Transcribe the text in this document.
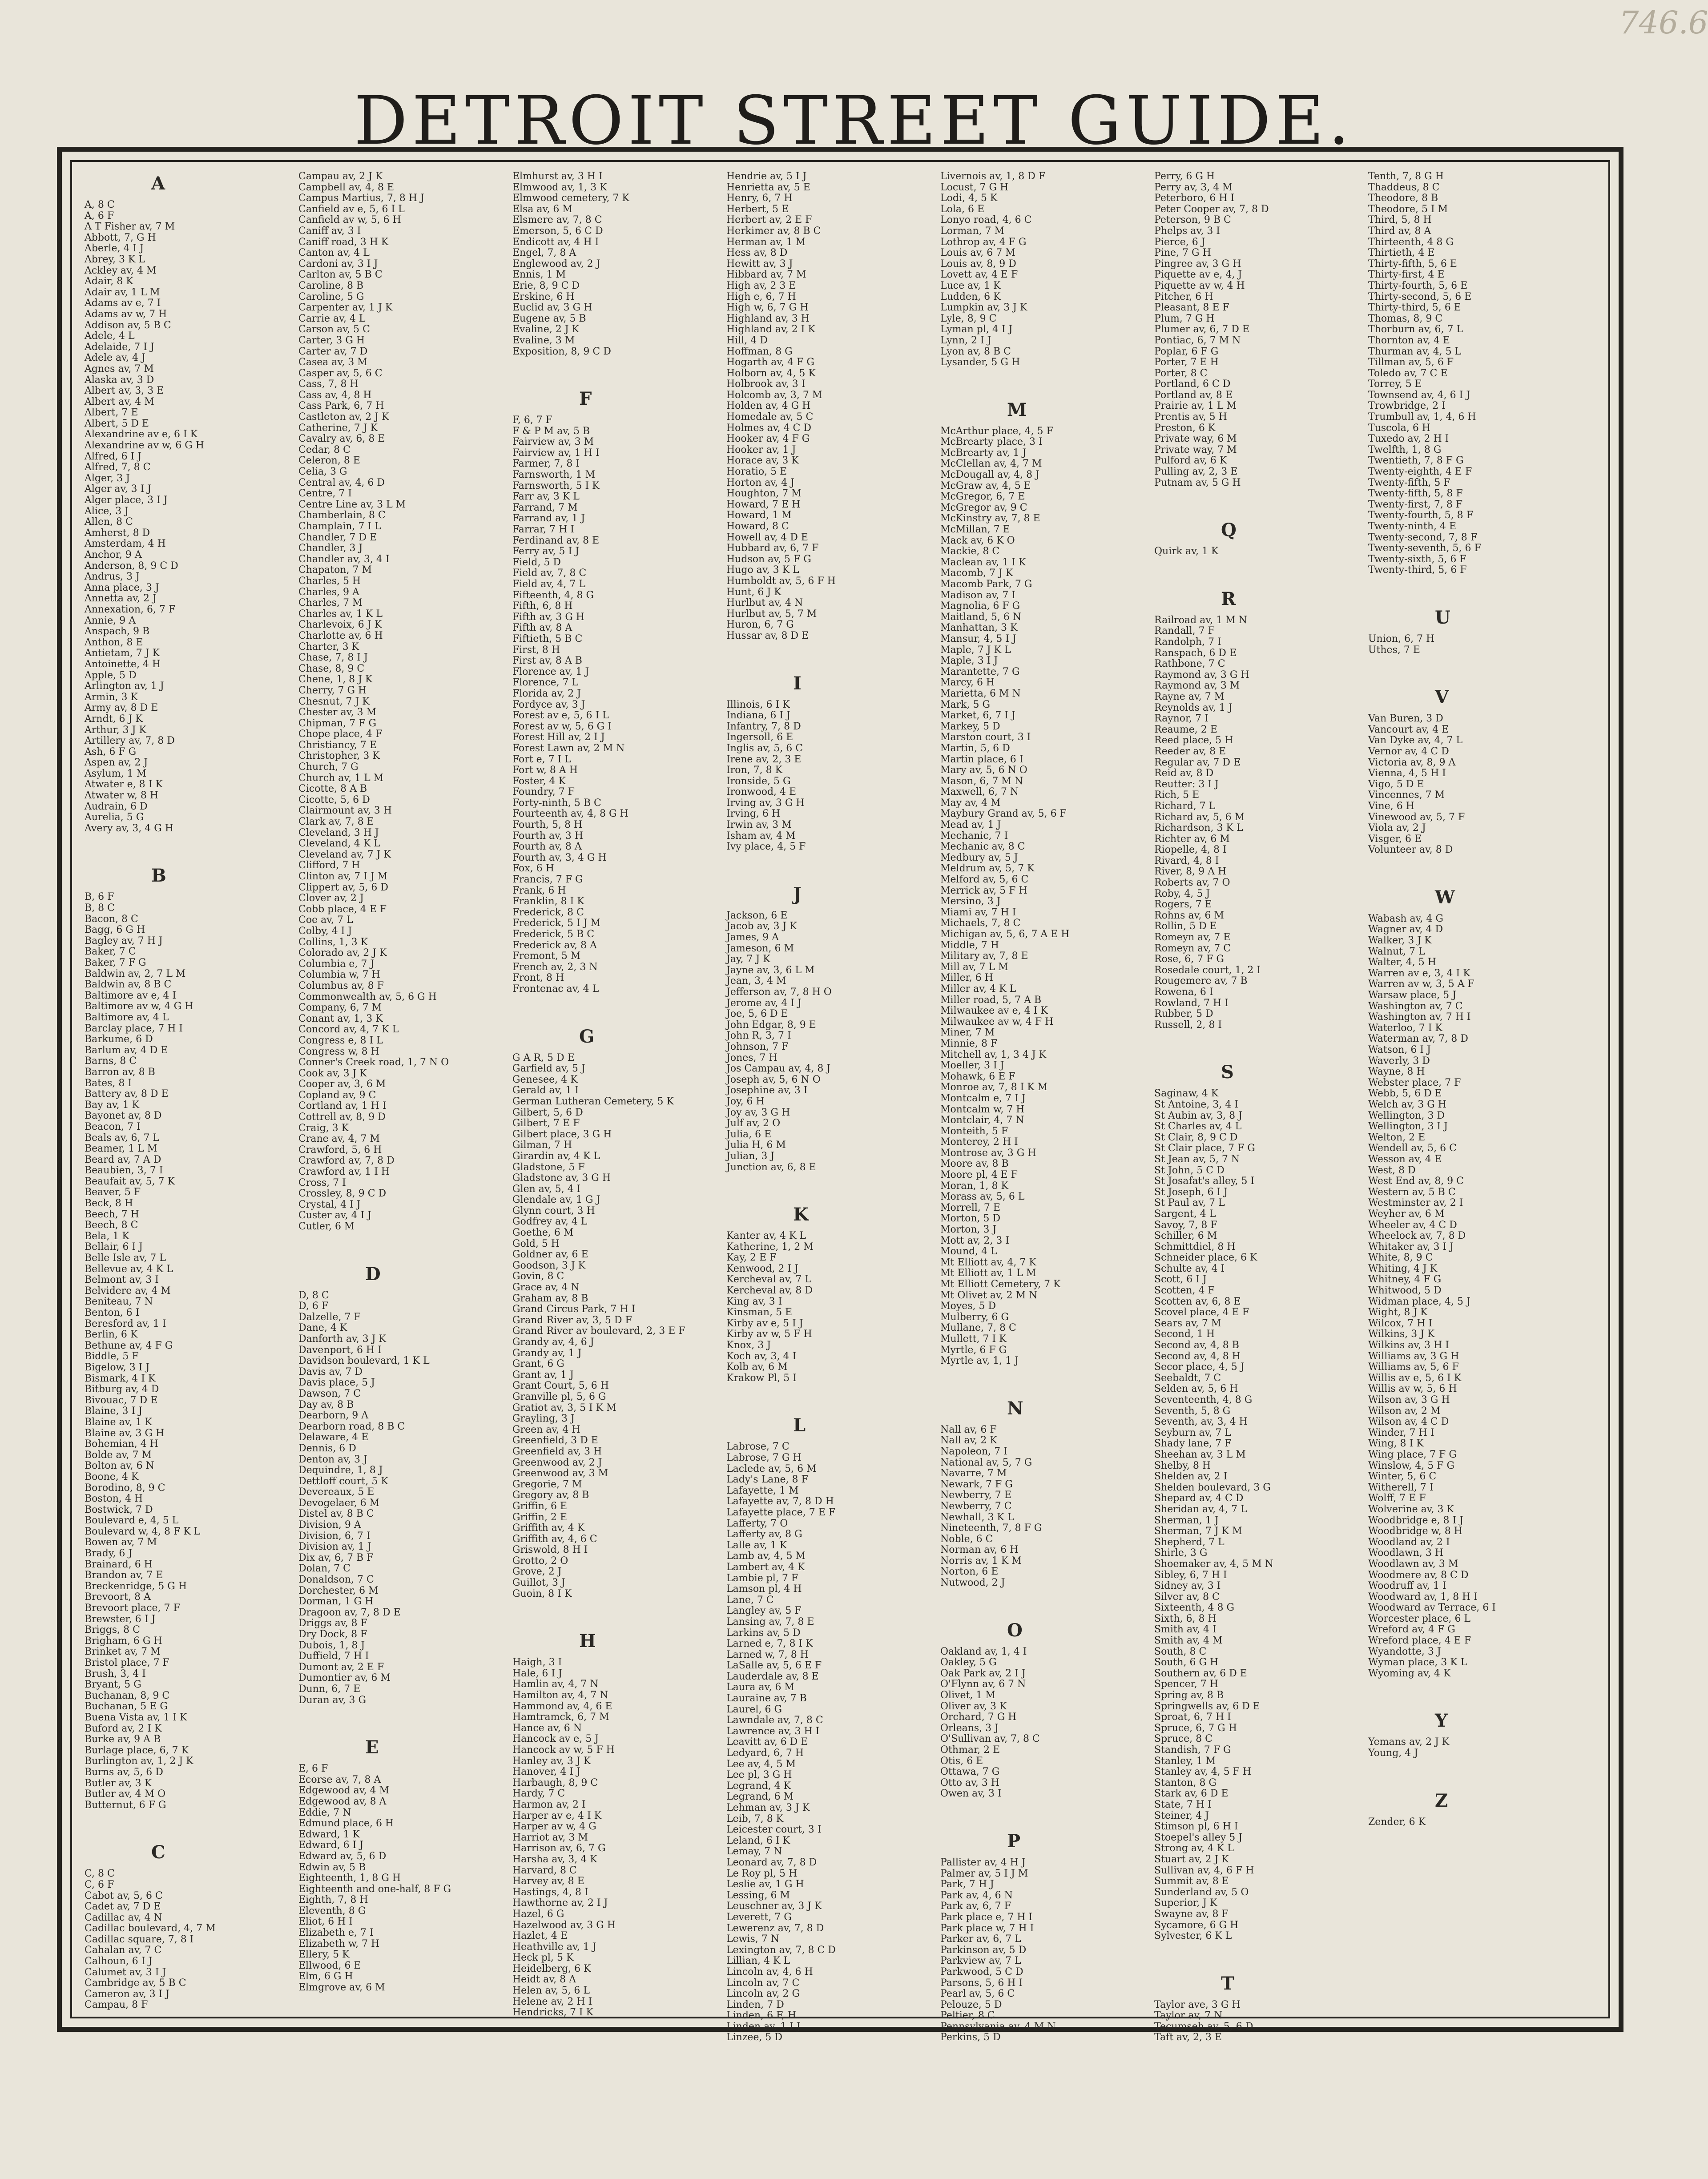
746.6

DETROIT STREET GUIDE.
A
A, 8 C
A, 6 F
A T Fisher av, 7 M
Abbott, 7, G H
Aberle, 4 I J
Abrey, 3 K L
Ackley av, 4 M
Adair, 8 K
Adair av, 1 L M
Adams av e, 7 I
Adams av w, 7 H
Addison av, 5 B C
Adele, 4 L
Adelaide, 7 I J
Adele av, 4 J
Agnes av, 7 M
Alaska av, 3 D
Albert av, 3, 3 E
Albert av, 4 M
Albert, 7 E
Albert, 5 D E
Alexandrine av e, 6 I K
Alexandrine av w, 6 G H
Alfred, 6 I J
Alfred, 7, 8 C
Alger, 3 J
Alger av, 3 I J
Alger place, 3 I J
Alice, 3 J
Allen, 8 C
Amherst, 8 D
Amsterdam, 4 H
Anchor, 9 A
Anderson, 8, 9 C D
Andrus, 3 J
Anna place, 3 J
Annetta av, 2 J
Annexation, 6, 7 F
Annie, 9 A
Anspach, 9 B
Anthon, 8 E
Antietam, 7 J K
Antoinette, 4 H
Apple, 5 D
Arlington av, 1 J
Armin, 3 K
Army av, 8 D E
Arndt, 6 J K
Arthur, 3 J K
Artillery av, 7, 8 D
Ash, 6 F G
Aspen av, 2 J
Asylum, 1 M
Atwater e, 8 I K
Atwater w, 8 H
Audrain, 6 D
Aurelia, 5 G
Avery av, 3, 4 G H
B
B, 6 F
B, 8 C
Bacon, 8 C
Bagg, 6 G H
Bagley av, 7 H J
Baker, 7 C
Baker, 7 F G
Baldwin av, 2, 7 L M
Baldwin av, 8 B C
Baltimore av e, 4 I
Baltimore av w, 4 G H
Baltimore av, 4 L
Barclay place, 7 H I
Barkume, 6 D
Barlum av, 4 D E
Barns, 8 C
Barron av, 8 B
Bates, 8 I
Battery av, 8 D E
Bay av, 1 K
Bayonet av, 8 D
Beacon, 7 I
Beals av, 6, 7 L
Beamer, 1 L M
Beard av, 7 A D
Beaubien, 3, 7 I
Beaufait av, 5, 7 K
Beaver, 5 F
Beck, 8 H
Beech, 7 H
Beech, 8 C
Bela, 1 K
Bellair, 6 I J
Belle Isle av, 7 L
Bellevue av, 4 K L
Belmont av, 3 I
Belvidere av, 4 M
Beniteau, 7 N
Benton, 6 I
Beresford av, 1 I
Berlin, 6 K
Bethune av, 4 F G
Biddle, 5 F
Bigelow, 3 I J
Bismark, 4 I K
Bitburg av, 4 D
Bivouac, 7 D E
Blaine, 3 I J
Blaine av, 1 K
Blaine av, 3 G H
Bohemian, 4 H
Bolde av, 7 M
Bolton av, 6 N
Boone, 4 K
Borodino, 8, 9 C
Boston, 4 H
Bostwick, 7 D
Boulevard e, 4, 5 L
Boulevard w, 4, 8 F K L
Bowen av, 7 M
Brady, 6 J
Brainard, 6 H
Brandon av, 7 E
Breckenridge, 5 G H
Brevoort, 8 A
Brevoort place, 7 F
Brewster, 6 I J
Briggs, 8 C
Brigham, 6 G H
Brinket av, 7 M
Bristol place, 7 F
Brush, 3, 4 I
Bryant, 5 G
Buchanan, 8, 9 C
Buchanan, 5 E G
Buena Vista av, 1 I K
Buford av, 2 I K
Burke av, 9 A B
Burlage place, 6, 7 K
Burlington av, 1, 2 J K
Burns av, 5, 6 D
Butler av, 3 K
Butler av, 4 M O
Butternut, 6 F G
C
C, 8 C
C, 6 F
Cabot av, 5, 6 C
Cadet av, 7 D E
Cadillac av, 4 N
Cadillac boulevard, 4, 7 M
Cadillac square, 7, 8 I
Cahalan av, 7 C
Calhoun, 6 I J
Calumet av, 3 I J
Cambridge av, 5 B C
Cameron av, 3 I J
Campau, 8 F
Campau av, 2 J K
Campbell av, 4, 8 E
Campus Martius, 7, 8 H J
Canfield av e, 5, 6 I L
Canfield av w, 5, 6 H
Caniff av, 3 I
Caniff road, 3 H K
Canton av, 4 L
Cardoni av, 3 I J
Carlton av, 5 B C
Caroline, 8 B
Caroline, 5 G
Carpenter av, 1 J K
Carrie av, 4 L
Carson av, 5 C
Carter, 3 G H
Carter av, 7 D
Casea av, 3 M
Casper av, 5, 6 C
Cass, 7, 8 H
Cass av, 4, 8 H
Cass Park, 6, 7 H
Castleton av, 2 J K
Catherine, 7 J K
Cavalry av, 6, 8 E
Cedar, 8 C
Celeron, 8 E
Celia, 3 G
Central av, 4, 6 D
Centre, 7 I
Centre Line av, 3 L M
Chamberlain, 8 C
Champlain, 7 I L
Chandler, 7 D E
Chandler, 3 J
Chandler av, 3, 4 I
Chapaton, 7 M
Charles, 5 H
Charles, 9 A
Charles, 7 M
Charles av, 1 K L
Charlevoix, 6 J K
Charlotte av, 6 H
Charter, 3 K
Chase, 7, 8 I J
Chase, 8, 9 C
Chene, 1, 8 J K
Cherry, 7 G H
Chesnut, 7 J K
Chester av, 3 M
Chipman, 7 F G
Chope place, 4 F
Christiancy, 7 E
Christopher, 3 K
Church, 7 G
Church av, 1 L M
Cicotte, 8 A B
Cicotte, 5, 6 D
Clairmount av, 3 H
Clark av, 7, 8 E
Cleveland, 3 H J
Cleveland, 4 K L
Cleveland av, 7 J K
Clifford, 7 H
Clinton av, 7 I J M
Clippert av, 5, 6 D
Clover av, 2 J
Cobb place, 4 E F
Coe av, 7 L
Colby, 4 I J
Collins, 1, 3 K
Colorado av, 2 J K
Columbia e, 7 J
Columbia w, 7 H
Columbus av, 8 F
Commonwealth av, 5, 6 G H
Company, 6, 7 M
Conant av, 1, 3 K
Concord av, 4, 7 K L
Congress e, 8 I L
Congress w, 8 H
Conner's Creek road, 1, 7 N O
Cook av, 3 J K
Cooper av, 3, 6 M
Copland av, 9 C
Cortland av, 1 H I
Cottrell av, 8, 9 D
Craig, 3 K
Crane av, 4, 7 M
Crawford, 5, 6 H
Crawford av, 7, 8 D
Crawford av, 1 I H
Cross, 7 I
Crossley, 8, 9 C D
Crystal, 4 I J
Custer av, 4 I J
Cutler, 6 M
D
D, 8 C
D, 6 F
Dalzelle, 7 F
Dane, 4 K
Danforth av, 3 J K
Davenport, 6 H I
Davidson boulevard, 1 K L
Davis av, 7 D
Davis place, 5 J
Dawson, 7 C
Day av, 8 B
Dearborn, 9 A
Dearborn road, 8 B C
Delaware, 4 E
Dennis, 6 D
Denton av, 3 J
Dequindre, 1, 8 J
Dettloff court, 5 K
Devereaux, 5 E
Devogelaer, 6 M
Distel av, 8 B C
Division, 9 A
Division, 6, 7 I
Division av, 1 J
Dix av, 6, 7 B F
Dolan, 7 C
Donaldson, 7 C
Dorchester, 6 M
Dorman, 1 G H
Dragoon av, 7, 8 D E
Driggs av, 8 F
Dry Dock, 8 F
Dubois, 1, 8 J
Duffield, 7 H I
Dumont av, 2 E F
Dumontier av, 6 M
Dunn, 6, 7 E
Duran av, 3 G
E
E, 6 F
Ecorse av, 7, 8 A
Edgewood av, 4 M
Edgewood av, 8 A
Eddie, 7 N
Edmund place, 6 H
Edward, 1 K
Edward, 6 I J
Edward av, 5, 6 D
Edwin av, 5 B
Eighteenth, 1, 8 G H
Eighteenth and one-half, 8 F G
Eighth, 7, 8 H
Eleventh, 8 G
Eliot, 6 H I
Elizabeth e, 7 I
Elizabeth w, 7 H
Ellery, 5 K
Ellwood, 6 E
Elm, 6 G H
Elmgrove av, 6 M
Elmhurst av, 3 H I
Elmwood av, 1, 3 K
Elmwood cemetery, 7 K
Elsa av, 6 M
Elsmere av, 7, 8 C
Emerson, 5, 6 C D
Endicott av, 4 H I
Engel, 7, 8 A
Englewood av, 2 J
Ennis, 1 M
Erie, 8, 9 C D
Erskine, 6 H
Euclid av, 3 G H
Eugene av, 5 B
Evaline, 2 J K
Evaline, 3 M
Exposition, 8, 9 C D
F
F, 6, 7 F
F & P M av, 5 B
Fairview av, 3 M
Fairview av, 1 H I
Farmer, 7, 8 I
Farnsworth, 1 M
Farnsworth, 5 I K
Farr av, 3 K L
Farrand, 7 M
Farrand av, 1 J
Farrar, 7 H I
Ferdinand av, 8 E
Ferry av, 5 I J
Field, 5 D
Field av, 7, 8 C
Field av, 4, 7 L
Fifteenth, 4, 8 G
Fifth, 6, 8 H
Fifth av, 3 G H
Fifth av, 8 A
Fiftieth, 5 B C
First, 8 H
First av, 8 A B
Florence av, 1 J
Florence, 7 L
Florida av, 2 J
Fordyce av, 3 J
Forest av e, 5, 6 I L
Forest av w, 5, 6 G I
Forest Hill av, 2 I J
Forest Lawn av, 2 M N
Fort e, 7 I L
Fort w, 8 A H
Foster, 4 K
Foundry, 7 F
Forty-ninth, 5 B C
Fourteenth av, 4, 8 G H
Fourth, 5, 8 H
Fourth av, 3 H
Fourth av, 8 A
Fourth av, 3, 4 G H
Fox, 6 H
Francis, 7 F G
Frank, 6 H
Franklin, 8 I K
Frederick, 8 C
Frederick, 5 I J M
Frederick, 5 B C
Frederick av, 8 A
Fremont, 5 M
French av, 2, 3 N
Front, 8 H
Frontenac av, 4 L
G
G A R, 5 D E
Garfield av, 5 J
Genesee, 4 K
Gerald av, 1 I
German Lutheran Cemetery, 5 K
Gilbert, 5, 6 D
Gilbert, 7 E F
Gilbert place, 3 G H
Gilman, 7 H
Girardin av, 4 K L
Gladstone, 5 F
Gladstone av, 3 G H
Glen av, 5, 4 I
Glendale av, 1 G J
Glynn court, 3 H
Godfrey av, 4 L
Goethe, 6 M
Gold, 5 H
Goldner av, 6 E
Goodson, 3 J K
Govin, 8 C
Grace av, 4 N
Graham av, 8 B
Grand Circus Park, 7 H I
Grand River av, 3, 5 D F
Grand River av boulevard, 2, 3 E F
Grandy av, 4, 6 J
Grandy av, 1 J
Grant, 6 G
Grant av, 1 J
Grant Court, 5, 6 H
Granville pl, 5, 6 G
Gratiot av, 3, 5 I K M
Grayling, 3 J
Green av, 4 H
Greenfield, 3 D E
Greenfield av, 3 H
Greenwood av, 2 J
Greenwood av, 3 M
Gregorie, 7 M
Gregory av, 8 B
Griffin, 6 E
Griffin, 2 E
Griffith av, 4 K
Griffith av, 4, 6 C
Griswold, 8 H I
Grotto, 2 O
Grove, 2 J
Guillot, 3 J
Guoin, 8 I K
H
Haigh, 3 I
Hale, 6 I J
Hamlin av, 4, 7 N
Hamilton av, 4, 7 N
Hammond av, 4, 6 E
Hamtramck, 6, 7 M
Hance av, 6 N
Hancock av e, 5 J
Hancock av w, 5 F H
Hanley av, 3 J K
Hanover, 4 I J
Harbaugh, 8, 9 C
Hardy, 7 C
Harmon av, 2 I
Harper av e, 4 I K
Harper av w, 4 G
Harriot av, 3 M
Harrison av, 6, 7 G
Harsha av, 3, 4 K
Harvard, 8 C
Harvey av, 8 E
Hastings, 4, 8 I
Hawthorne av, 2 I J
Hazel, 6 G
Hazelwood av, 3 G H
Hazlet, 4 E
Heathville av, 1 J
Heck pl, 5 K
Heidelberg, 6 K
Heidt av, 8 A
Helen av, 5, 6 L
Helene av, 2 H I
Hendricks, 7 I K
Hendrie av, 5 I J
Henrietta av, 5 E
Henry, 6, 7 H
Herbert, 5 E
Herbert av, 2 E F
Herkimer av, 8 B C
Herman av, 1 M
Hess av, 8 D
Hewitt av, 3 J
Hibbard av, 7 M
High av, 2 3 E
High e, 6, 7 H
High w, 6, 7 G H
Highland av, 3 H
Highland av, 2 I K
Hill, 4 D
Hoffman, 8 G
Hogarth av, 4 F G
Holborn av, 4, 5 K
Holbrook av, 3 I
Holcomb av, 3, 7 M
Holden av, 4 G H
Homedale av, 5 C
Holmes av, 4 C D
Hooker av, 4 F G
Hooker av, 1 J
Horace av, 3 K
Horatio, 5 E
Horton av, 4 J
Houghton, 7 M
Howard, 7 E H
Howard, 1 M
Howard, 8 C
Howell av, 4 D E
Hubbard av, 6, 7 F
Hudson av, 5 F G
Hugo av, 3 K L
Humboldt av, 5, 6 F H
Hunt, 6 J K
Hurlbut av, 4 N
Hurlbut av, 5, 7 M
Huron, 6, 7 G
Hussar av, 8 D E
I
Illinois, 6 I K
Indiana, 6 I J
Infantry, 7, 8 D
Ingersoll, 6 E
Inglis av, 5, 6 C
Irene av, 2, 3 E
Iron, 7, 8 K
Ironside, 5 G
Ironwood, 4 E
Irving av, 3 G H
Irving, 6 H
Irwin av, 3 M
Isham av, 4 M
Ivy place, 4, 5 F
J
Jackson, 6 E
Jacob av, 3 J K
James, 9 A
Jameson, 6 M
Jay, 7 J K
Jayne av, 3, 6 L M
Jean, 3, 4 M
Jefferson av, 7, 8 H O
Jerome av, 4 I J
Joe, 5, 6 D E
John Edgar, 8, 9 E
John R, 3, 7 I
Johnson, 7 F
Jones, 7 H
Jos Campau av, 4, 8 J
Joseph av, 5, 6 N O
Josephine av, 3 I
Joy, 6 H
Joy av, 3 G H
Julf av, 2 O
Julia, 6 E
Julia H, 6 M
Julian, 3 J
Junction av, 6, 8 E
K
Kanter av, 4 K L
Katherine, 1, 2 M
Kay, 2 E F
Kenwood, 2 I J
Kercheval av, 7 L
Kercheval av, 8 D
King av, 3 I
Kinsman, 5 E
Kirby av e, 5 I J
Kirby av w, 5 F H
Knox, 3 J
Koch av, 3, 4 I
Kolb av, 6 M
Krakow Pl, 5 I
L
Labrose, 7 C
Labrose, 7 G H
Laclede av, 5, 6 M
Lady's Lane, 8 F
Lafayette, 1 M
Lafayette av, 7, 8 D H
Lafayette place, 7 E F
Lafferty, 7 O
Lafferty av, 8 G
Lalle av, 1 K
Lamb av, 4, 5 M
Lambert av, 4 K
Lambie pl, 7 F
Lamson pl, 4 H
Lane, 7 C
Langley av, 5 F
Lansing av, 7, 8 E
Larkins av, 5 D
Larned e, 7, 8 I K
Larned w, 7, 8 H
LaSalle av, 5, 6 E F
Lauderdale av, 8 E
Laura av, 6 M
Lauraine av, 7 B
Laurel, 6 G
Lawndale av, 7, 8 C
Lawrence av, 3 H I
Leavitt av, 6 D E
Ledyard, 6, 7 H
Lee av, 4, 5 M
Lee pl, 3 G H
Legrand, 4 K
Legrand, 6 M
Lehman av, 3 J K
Leib, 7, 8 K
Leicester court, 3 I
Leland, 6 I K
Lemay, 7 N
Leonard av, 7, 8 D
Le Roy pl, 5 H
Leslie av, 1 G H
Lessing, 6 M
Leuschner av, 3 J K
Leverett, 7 G
Lewerenz av, 7, 8 D
Lewis, 7 N
Lexington av, 7, 8 C D
Lillian, 4 K L
Lincoln av, 4, 6 H
Lincoln av, 7 C
Lincoln av, 2 G
Linden, 7 D
Linden, 6 F, H
Linden av, 1 I J
Linzee, 5 D
Livernois av, 1, 8 D F
Locust, 7 G H
Lodi, 4, 5 K
Lola, 6 E
Lonyo road, 4, 6 C
Lorman, 7 M
Lothrop av, 4 F G
Louis av, 6 7 M
Louis av, 8, 9 D
Lovett av, 4 E F
Luce av, 1 K
Ludden, 6 K
Lumpkin av, 3 J K
Lyle, 8, 9 C
Lyman pl, 4 I J
Lynn, 2 I J
Lyon av, 8 B C
Lysander, 5 G H
M
McArthur place, 4, 5 F
McBrearty place, 3 I
McBrearty av, 1 J
McClellan av, 4, 7 M
McDougall av, 4, 8 J
McGraw av, 4, 5 E
McGregor, 6, 7 E
McGregor av, 9 C
McKinstry av, 7, 8 E
McMillan, 7 E
Mack av, 6 K O
Mackie, 8 C
Maclean av, 1 I K
Macomb, 7 J K
Macomb Park, 7 G
Madison av, 7 I
Magnolia, 6 F G
Maitland, 5, 6 N
Manhattan, 3 K
Mansur, 4, 5 I J
Maple, 7 J K L
Maple, 3 I J
Marantette, 7 G
Marcy, 6 H
Marietta, 6 M N
Mark, 5 G
Market, 6, 7 I J
Markey, 5 D
Marston court, 3 I
Martin, 5, 6 D
Martin place, 6 I
Mary av, 5, 6 N O
Mason, 6, 7 M N
Maxwell, 6, 7 N
May av, 4 M
Maybury Grand av, 5, 6 F
Mead av, 1 J
Mechanic, 7 I
Mechanic av, 8 C
Medbury av, 5 J
Meldrum av, 5, 7 K
Melford av, 5, 6 C
Merrick av, 5 F H
Mersino, 3 J
Miami av, 7 H I
Michaels, 7, 8 C
Michigan av, 5, 6, 7 A E H
Middle, 7 H
Military av, 7, 8 E
Mill av, 7 L M
Miller, 6 H
Miller av, 4 K L
Miller road, 5, 7 A B
Milwaukee av e, 4 I K
Milwaukee av w, 4 F H
Miner, 7 M
Minnie, 8 F
Mitchell av, 1, 3 4 J K
Moeller, 3 I J
Mohawk, 6 E F
Monroe av, 7, 8 I K M
Montcalm e, 7 I J
Montcalm w, 7 H
Montclair, 4, 7 N
Monteith, 5 F
Monterey, 2 H I
Montrose av, 3 G H
Moore av, 8 B
Moore pl, 4 E F
Moran, 1, 8 K
Morass av, 5, 6 L
Morrell, 7 E
Morton, 5 D
Morton, 3 J
Mott av, 2, 3 I
Mound, 4 L
Mt Elliott av, 4, 7 K
Mt Elliott av, 1 L M
Mt Elliott Cemetery, 7 K
Mt Olivet av, 2 M N
Moyes, 5 D
Mulberry, 6 G
Mullane, 7, 8 C
Mullett, 7 I K
Myrtle, 6 F G
Myrtle av, 1, 1 J
N
Nall av, 6 F
Nall av, 2 K
Napoleon, 7 I
National av, 5, 7 G
Navarre, 7 M
Newark, 7 F G
Newberry, 7 E
Newberry, 7 C
Newhall, 3 K L
Nineteenth, 7, 8 F G
Noble, 6 C
Norman av, 6 H
Norris av, 1 K M
Norton, 6 E
Nutwood, 2 J
O
Oakland av, 1, 4 I
Oakley, 5 G
Oak Park av, 2 I J
O'Flynn av, 6 7 N
Olivet, 1 M
Oliver av, 3 K
Orchard, 7 G H
Orleans, 3 J
O'Sullivan av, 7, 8 C
Othmar, 2 E
Otis, 6 E
Ottawa, 7 G
Otto av, 3 H
Owen av, 3 I
P
Pallister av, 4 H J
Palmer av, 5 I J M
Park, 7 H J
Park av, 4, 6 N
Park av, 6, 7 F
Park place e, 7 H I
Park place w, 7 H I
Parker av, 6, 7 L
Parkinson av, 5 D
Parkview av, 7 L
Parkwood, 5 C D
Parsons, 5, 6 H I
Pearl av, 5, 6 C
Pelouze, 5 D
Peltier, 8 C
Pennsylvania av, 4 M N
Perkins, 5 D
Perry, 6 G H
Perry av, 3, 4 M
Peterboro, 6 H I
Peter Cooper av, 7, 8 D
Peterson, 9 B C
Phelps av, 3 I
Pierce, 6 J
Pine, 7 G H
Pingree av, 3 G H
Piquette av e, 4, J
Piquette av w, 4 H
Pitcher, 6 H
Pleasant, 8 E F
Plum, 7 G H
Plumer av, 6, 7 D E
Pontiac, 6, 7 M N
Poplar, 6 F G
Porter, 7 E H
Porter, 8 C
Portland, 6 C D
Portland av, 8 E
Prairie av, 1 L M
Prentis av, 5 H
Preston, 6 K
Private way, 6 M
Private way, 7 M
Pulford av, 6 K
Pulling av, 2, 3 E
Putnam av, 5 G H
Q
Quirk av, 1 K
R
Railroad av, 1 M N
Randall, 7 F
Randolph, 7 I
Ranspach, 6 D E
Rathbone, 7 C
Raymond av, 3 G H
Raymond av, 3 M
Rayne av, 7 M
Reynolds av, 1 J
Raynor, 7 I
Reaume, 2 E
Reed place, 5 H
Reeder av, 8 E
Regular av, 7 D E
Reid av, 8 D
Reutter: 3 I J
Rich, 5 E
Richard, 7 L
Richard av, 5, 6 M
Richardson, 3 K L
Richter av, 6 M
Riopelle, 4, 8 I
Rivard, 4, 8 I
River, 8, 9 A H
Roberts av, 7 O
Roby, 4, 5 J
Rogers, 7 E
Rohns av, 6 M
Rollin, 5 D E
Romeyn av, 7 E
Romeyn av, 7 C
Rose, 6, 7 F G
Rosedale court, 1, 2 I
Rougemere av, 7 B
Rowena, 6 I
Rowland, 7 H I
Rubber, 5 D
Russell, 2, 8 I
S
Saginaw, 4 K
St Antoine, 3, 4 I
St Aubin av, 3, 8 J
St Charles av, 4 L
St Clair, 8, 9 C D
St Clair place, 7 F G
St Jean av, 5, 7 N
St John, 5 C D
St Josafat's alley, 5 I
St Joseph, 6 I J
St Paul av, 7 L
Sargent, 4 L
Savoy, 7, 8 F
Schiller, 6 M
Schmittdiel, 8 H
Schneider place, 6 K
Schulte av, 4 I
Scott, 6 I J
Scotten, 4 F
Scotten av, 6, 8 E
Scovel place, 4 E F
Sears av, 7 M
Second, 1 H
Second av, 4, 8 B
Second av, 4, 8 H
Secor place, 4, 5 J
Seebaldt, 7 C
Selden av, 5, 6 H
Seventeenth, 4, 8 G
Seventh, 5, 8 G
Seventh, av, 3, 4 H
Seyburn av, 7 L
Shady lane, 7 F
Sheehan av, 3 L M
Shelby, 8 H
Shelden av, 2 I
Shelden boulevard, 3 G
Shepard av, 4 C D
Sheridan av, 4, 7 L
Sherman, 1 J
Sherman, 7 J K M
Shepherd, 7 L
Shirle, 3 G
Shoemaker av, 4, 5 M N
Sibley, 6, 7 H I
Sidney av, 3 I
Silver av, 8 C
Sixteenth, 4 8 G
Sixth, 6, 8 H
Smith av, 4 I
Smith av, 4 M
South, 8 C
South, 6 G H
Southern av, 6 D E
Spencer, 7 H
Spring av, 8 B
Springwells av, 6 D E
Sproat, 6, 7 H I
Spruce, 6, 7 G H
Spruce, 8 C
Standish, 7 F G
Stanley, 1 M
Stanley av, 4, 5 F H
Stanton, 8 G
Stark av, 6 D E
State, 7 H I
Steiner, 4 J
Stimson pl, 6 H I
Stoepel's alley 5 J
Strong av, 4 K L
Stuart av, 2 J K
Sullivan av, 4, 6 F H
Summit av, 8 E
Sunderland av, 5 O
Superior, J K
Swayne av, 8 F
Sycamore, 6 G H
Sylvester, 6 K L
T
Taylor ave, 3 G H
Taylor av, 7 N
Tecumseh av, 5, 6 D
Taft av, 2, 3 E
Tenth, 7, 8 G H
Thaddeus, 8 C
Theodore, 8 B
Theodore, 5 I M
Third, 5, 8 H
Third av, 8 A
Thirteenth, 4 8 G
Thirtieth, 4 E
Thirty-fifth, 5, 6 E
Thirty-first, 4 E
Thirty-fourth, 5, 6 E
Thirty-second, 5, 6 E
Thirty-third, 5, 6 E
Thomas, 8, 9 C
Thorburn av, 6, 7 L
Thornton av, 4 E
Thurman av, 4, 5 L
Tillman av, 5, 6 F
Toledo av, 7 C E
Torrey, 5 E
Townsend av, 4, 6 I J
Trowbridge, 2 I
Trumbull av, 1, 4, 6 H
Tuscola, 6 H
Tuxedo av, 2 H I
Twelfth, 1, 8 G
Twentieth, 7, 8 F G
Twenty-eighth, 4 E F
Twenty-fifth, 5 F
Twenty-fifth, 5, 8 F
Twenty-first, 7, 8 F
Twenty-fourth, 5, 8 F
Twenty-ninth, 4 E
Twenty-second, 7, 8 F
Twenty-seventh, 5, 6 F
Twenty-sixth, 5, 6 F
Twenty-third, 5, 6 F
U
Union, 6, 7 H
Uthes, 7 E
V
Van Buren, 3 D
Vancourt av, 4 E
Van Dyke av, 4, 7 L
Vernor av, 4 C D
Victoria av, 8, 9 A
Vienna, 4, 5 H I
Vigo, 5 D E
Vincennes, 7 M
Vine, 6 H
Vinewood av, 5, 7 F
Viola av, 2 J
Visger, 6 E
Volunteer av, 8 D
W
Wabash av, 4 G
Wagner av, 4 D
Walker, 3 J K
Walnut, 7 L
Walter, 4, 5 H
Warren av e, 3, 4 I K
Warren av w, 3, 5 A F
Warsaw place, 5 J
Washington av, 7 C
Washington av, 7 H I
Waterloo, 7 I K
Waterman av, 7, 8 D
Watson, 6 I J
Waverly, 3 D
Wayne, 8 H
Webster place, 7 F
Webb, 5, 6 D E
Welch av, 3 G H
Wellington, 3 D
Wellington, 3 I J
Welton, 2 E
Wendell av, 5, 6 C
Wesson av, 4 E
West, 8 D
West End av, 8, 9 C
Western av, 5 B C
Westminster av, 2 I
Weyher av, 6 M
Wheeler av, 4 C D
Wheelock av, 7, 8 D
Whitaker av, 3 I J
White, 8, 9 C
Whiting, 4 J K
Whitney, 4 F G
Whitwood, 5 D
Widman place, 4, 5 J
Wight, 8 J K
Wilcox, 7 H I
Wilkins, 3 J K
Wilkins av, 3 H I
Williams av, 3 G H
Williams av, 5, 6 F
Willis av e, 5, 6 I K
Willis av w, 5, 6 H
Wilson av, 3 G H
Wilson av, 2 M
Wilson av, 4 C D
Winder, 7 H I
Wing, 8 I K
Wing place, 7 F G
Winslow, 4, 5 F G
Winter, 5, 6 C
Witherell, 7 I
Wolff, 7 E F
Wolverine av, 3 K
Woodbridge e, 8 I J
Woodbridge w, 8 H
Woodland av, 2 I
Woodlawn, 3 H
Woodlawn av, 3 M
Woodmere av, 8 C D
Woodruff av, 1 I
Woodward av, 1, 8 H I
Woodward av Terrace, 6 I
Worcester place, 6 L
Wreford av, 4 F G
Wreford place, 4 E F
Wyandotte, 3 J
Wyman place, 3 K L
Wyoming av, 4 K
Y
Yemans av, 2 J K
Young, 4 J
Z
Zender, 6 K
